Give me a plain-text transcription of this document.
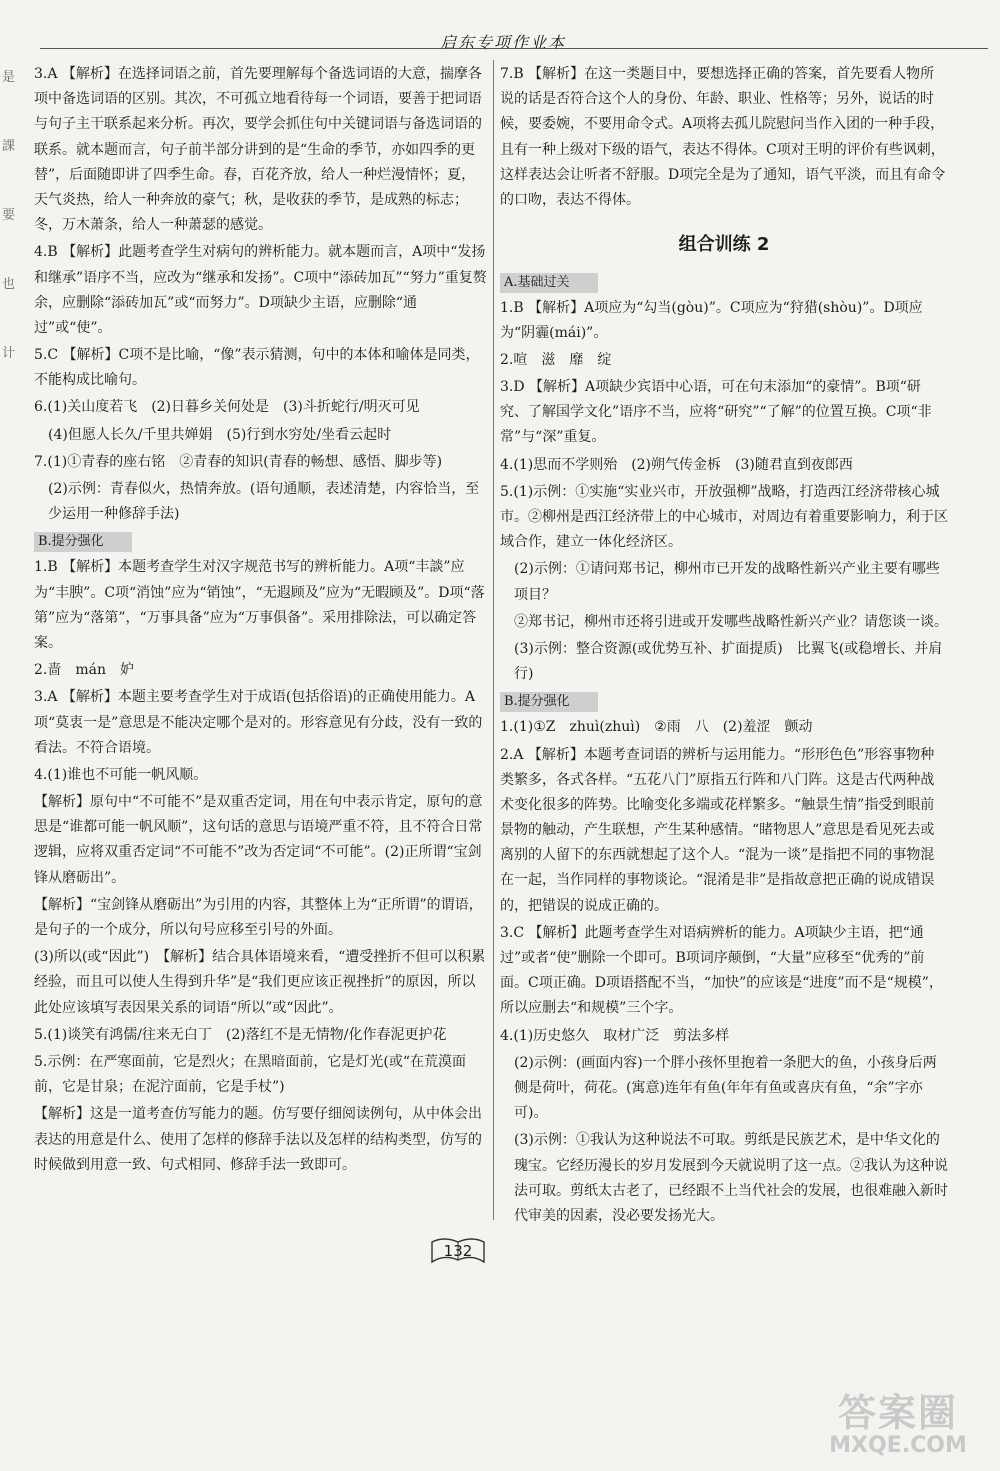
启东专项作业本
是
課
要
也
计

3.A 【解析】在选择词语之前，首先要理解每个备选词语的大意，揣摩各项中备选词语的区别。其次，不可孤立地看待每一个词语，要善于把词语与句子主干联系起来分析。再次，要学会抓住句中关键词语与备选词语的联系。就本题而言，句子前半部分讲到的是“生命的季节，亦如四季的更替”，后面随即讲了四季生命。春，百花齐放，给人一种烂漫情怀；夏，天气炎热，给人一种奔放的豪气；秋，是收获的季节，是成熟的标志；冬，万木萧条，给人一种萧瑟的感觉。

4.B 【解析】此题考查学生对病句的辨析能力。就本题而言，A项中“发扬和继承”语序不当，应改为“继承和发扬”。C项中“添砖加瓦”“努力”重复赘余，应删除“添砖加瓦”或“而努力”。D项缺少主语，应删除“通过”或“使”。

5.C 【解析】C项不是比喻，“像”表示猜测，句中的本体和喻体是同类，不能构成比喻句。

6.(1)关山度若飞　(2)日暮乡关何处是　(3)斗折蛇行/明灭可见

(4)但愿人长久/千里共婵娟　(5)行到水穷处/坐看云起时

7.(1)①青春的座右铭　②青春的知识(青春的畅想、感悟、脚步等)

(2)示例：青春似火，热情奔放。(语句通顺，表述清楚，内容恰当，至少运用一种修辞手法)

B.提分强化

1.B 【解析】本题考查学生对汉字规范书写的辨析能力。A项“丰談”应为“丰腴”。C项“消蚀”应为“销蚀”，“无遐顾及”应为“无暇顾及”。D项“落第”应为“落第”，“万事具备”应为“万事俱备”。采用排除法，可以确定答案。

2.啬　mán　妒

3.A 【解析】本题主要考查学生对于成语(包括俗语)的正确使用能力。A项“莫衷一是”意思是不能决定哪个是对的。形容意见有分歧，没有一致的看法。不符合语境。

4.(1)谁也不可能一帆风顺。

【解析】原句中“不可能不”是双重否定词，用在句中表示肯定，原句的意思是“谁都可能一帆风顺”，这句话的意思与语境严重不符，且不符合日常逻辑，应将双重否定词“不可能不”改为否定词“不可能”。(2)正所谓“宝剑锋从磨砺出”。

【解析】“宝剑锋从磨砺出”为引用的内容，其整体上为“正所谓”的谓语，是句子的一个成分，所以句号应移至引号的外面。

(3)所以(或“因此”)　【解析】结合具体语境来看，“遭受挫折不但可以积累经验，而且可以使人生得到升华”是“我们更应该正视挫折”的原因，所以此处应该填写表因果关系的词语“所以”或“因此”。

5.(1)谈笑有鸿儒/往来无白丁　(2)落红不是无情物/化作春泥更护花

5.示例：在严寒面前，它是烈火；在黑暗面前，它是灯光(或“在荒漠面前，它是甘泉；在泥泞面前，它是手杖”)

【解析】这是一道考查仿写能力的题。仿写要仔细阅读例句，从中体会出表达的用意是什么、使用了怎样的修辞手法以及怎样的结构类型，仿写的时候做到用意一致、句式相同、修辞手法一致即可。

7.B 【解析】在这一类题目中，要想选择正确的答案，首先要看人物所说的话是否符合这个人的身份、年龄、职业、性格等；另外，说话的时候，要委婉，不要用命令式。A项将去孤儿院慰问当作入团的一种手段，且有一种上级对下级的语气，表达不得体。C项对王明的评价有些讽刺，这样表达会让听者不舒服。D项完全是为了通知，语气平淡，而且有命令的口吻，表达不得体。

组合训练 2
A.基础过关

1.B 【解析】A项应为“勾当(gòu)”。C项应为“狩猎(shòu)”。D项应为“阴霾(mái)”。

2.喧　滋　靡　绽

3.D 【解析】A项缺少宾语中心语，可在句末添加“的豪情”。B项“研究、了解国学文化”语序不当，应将“研究”“了解”的位置互换。C项“非常”与“深”重复。

4.(1)思而不学则殆　(2)朔气传金柝　(3)随君直到夜郎西

5.(1)示例：①实施“实业兴市，开放强柳”战略，打造西江经济带核心城市。②柳州是西江经济带上的中心城市，对周边有着重要影响力，利于区域合作，建立一体化经济区。

(2)示例：①请问郑书记，柳州市已开发的战略性新兴产业主要有哪些项目？

②郑书记，柳州市还将引进或开发哪些战略性新兴产业？请您谈一谈。

(3)示例：整合资源(或优势互补、扩面提质)　比翼飞(或稳增长、并肩行)

B.提分强化

1.(1)①Z　zhuì(zhuì)　②雨　八　(2)羞涩　颤动

2.A 【解析】本题考查词语的辨析与运用能力。“形形色色”形容事物种类繁多，各式各样。“五花八门”原指五行阵和八门阵。这是古代两种战术变化很多的阵势。比喻变化多端或花样繁多。“触景生情”指受到眼前景物的触动，产生联想，产生某种感情。“睹物思人”意思是看见死去或离别的人留下的东西就想起了这个人。“混为一谈”是指把不同的事物混在一起，当作同样的事物谈论。“混淆是非”是指故意把正确的说成错误的，把错误的说成正确的。

3.C 【解析】此题考查学生对语病辨析的能力。A项缺少主语，把“通过”或者“使”删除一个即可。B项词序颠倒，“大量”应移至“优秀的”前面。C项正确。D项语搭配不当，“加快”的应该是“进度”而不是“规模”，所以应删去“和规模”三个字。

4.(1)历史悠久　取材广泛　剪法多样

(2)示例：(画面内容)一个胖小孩怀里抱着一条肥大的鱼，小孩身后两侧是荷叶，荷花。(寓意)连年有鱼(年年有鱼或喜庆有鱼，“余”字亦可)。

(3)示例：①我认为这种说法不可取。剪纸是民族艺术，是中华文化的瑰宝。它经历漫长的岁月发展到今天就说明了这一点。②我认为这种说法可取。剪纸太古老了，已经跟不上当代社会的发展，也很难融入新时代审美的因素，没必要发扬光大。

132
答案圈
MXQE.COM
